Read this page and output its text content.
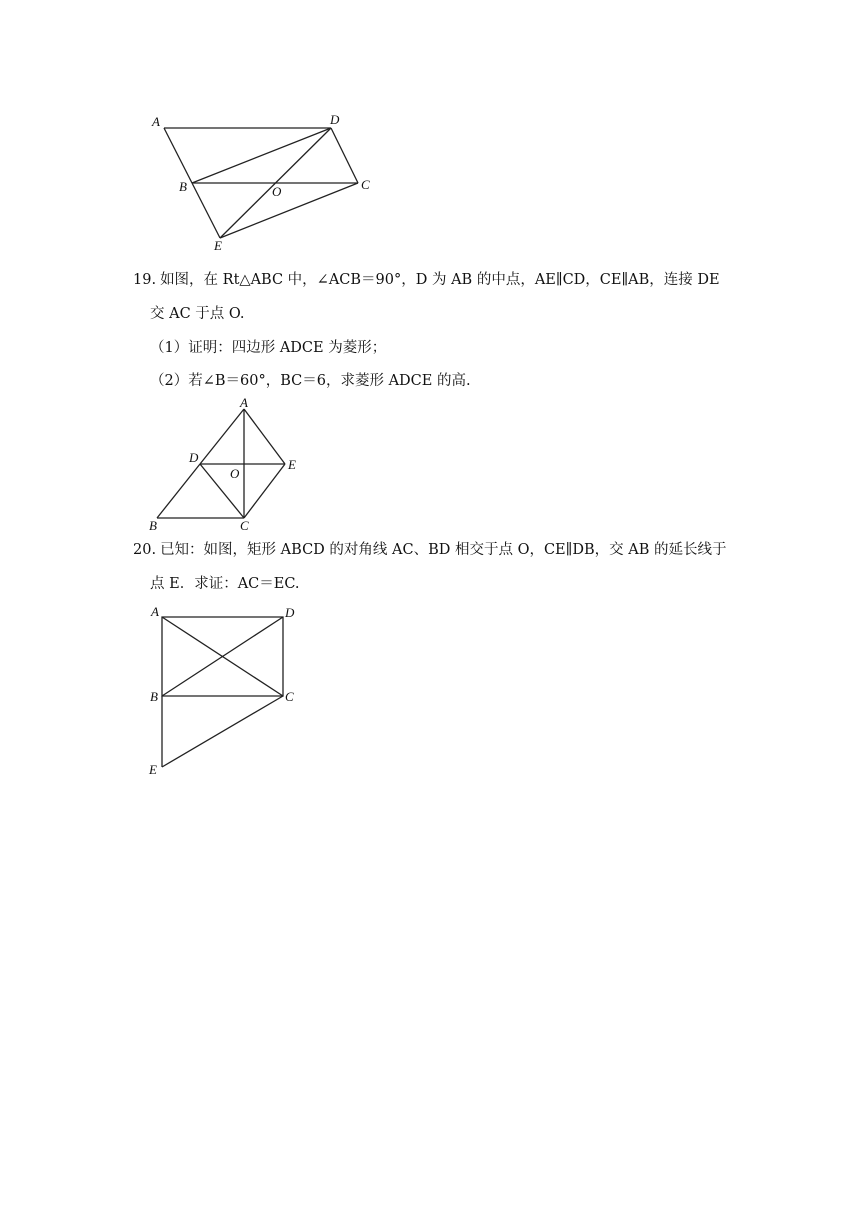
A	D
B	O	C
E
19. 如图，在 Rt△ABC 中，∠ACB＝90°，D 为 AB 的中点，AE∥CD，CE∥AB，连接 DE
交 AC 于点 O.
（1）证明：四边形 ADCE 为菱形；
（2）若∠B＝60°，BC＝6，求菱形 ADCE 的高.
A
D
O
E
B	C
20. 已知：如图，矩形 ABCD 的对角线 AC、BD 相交于点 O，CE∥DB，交 AB 的延长线于
点 E．求证：AC＝EC.
A	D
B	C
E
